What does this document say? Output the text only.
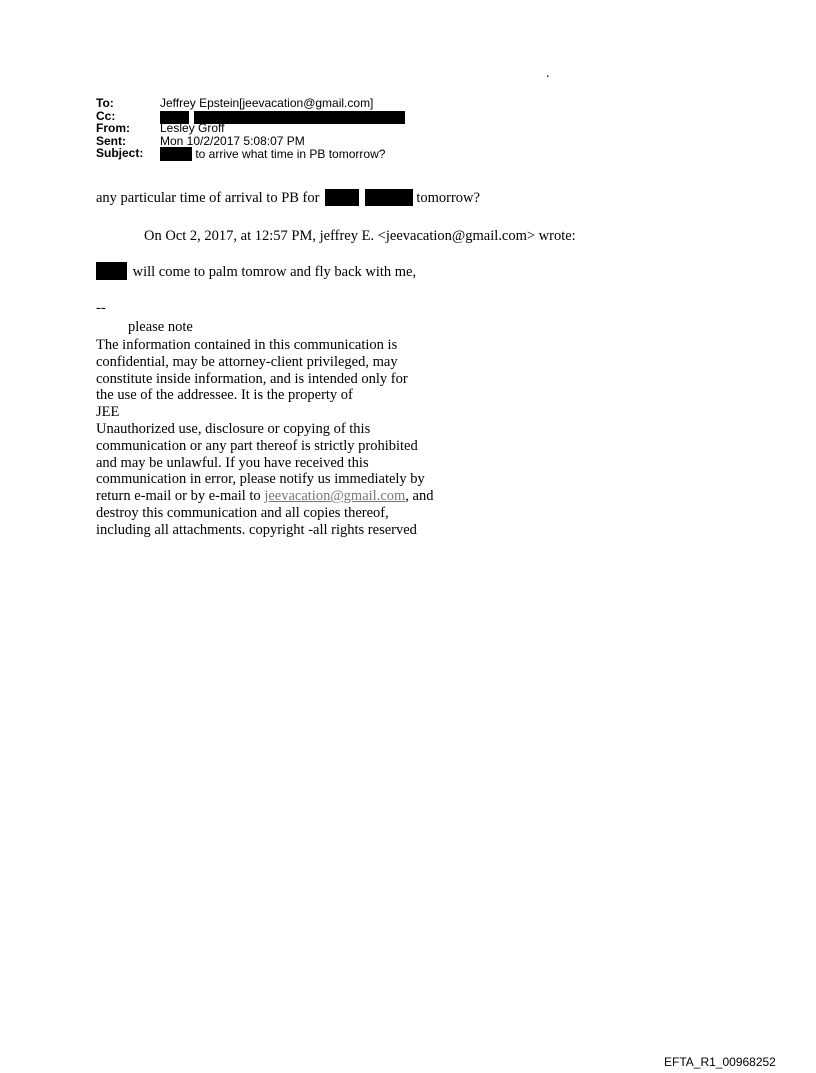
.
To:	Jeffrey Epstein[jeevacation@gmail.com]
Cc:
From:	Lesley Groff
Sent:	Mon 10/2/2017 5:08:07 PM
Subject:	to arrive what time in PB tomorrow?
any particular time of arrival to PB for	tomorrow?
On Oct 2, 2017, at 12:57 PM, jeffrey E. <jeevacation@gmail.com> wrote:
will come to palm tomrow and fly back with me,
--
please note
The information contained in this communication is
confidential, may be attorney-client privileged, may
constitute inside information, and is intended only for
the use of the addressee. It is the property of
JEE
Unauthorized use, disclosure or copying of this
communication or any part thereof is strictly prohibited
and may be unlawful. If you have received this
communication in error, please notify us immediately by
return e-mail or by e-mail to jeevacation@gmail.com, and
destroy this communication and all copies thereof,
including all attachments. copyright -all rights reserved
EFTA_R1_00968252
